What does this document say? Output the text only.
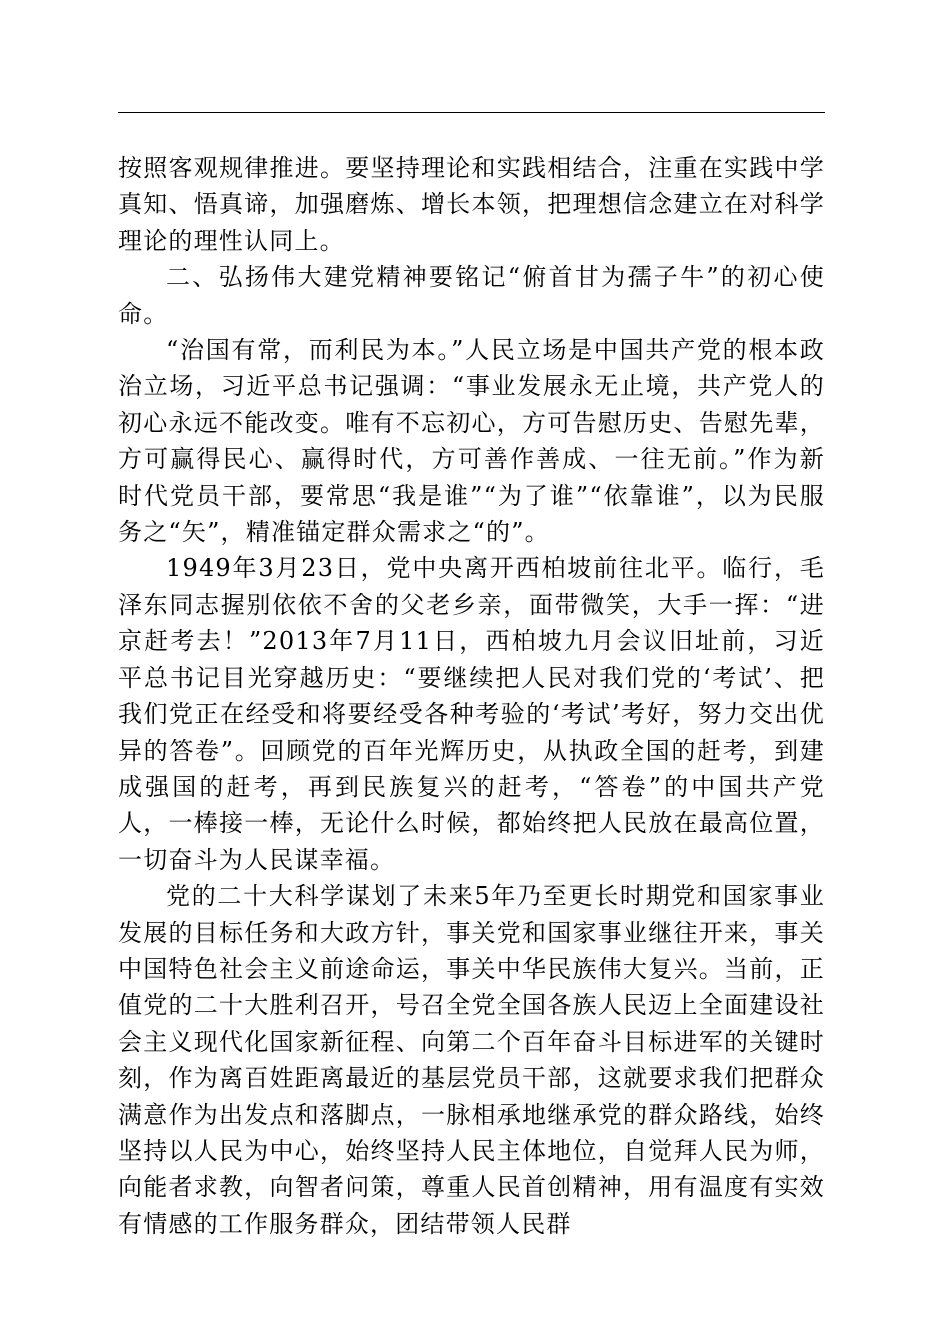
按照客观规律推进。要坚持理论和实践相结合，注重在实践中学真知、悟真谛，加强磨炼、增长本领，把理想信念建立在对科学理论的理性认同上。

二、弘扬伟大建党精神要铭记“俯首甘为孺子牛”的初心使命。

“治国有常，而利民为本。”人民立场是中国共产党的根本政治立场，习近平总书记强调：“事业发展永无止境，共产党人的初心永远不能改变。唯有不忘初心，方可告慰历史、告慰先辈，方可赢得民心、赢得时代，方可善作善成、一往无前。”作为新时代党员干部，要常思“我是谁”“为了谁”“依靠谁”，以为民服务之“矢”，精准锚定群众需求之“的”。

1949年3月23日，党中央离开西柏坡前往北平。临行，毛泽东同志握别依依不舍的父老乡亲，面带微笑，大手一挥：“进京赶考去！”2013年7月11日，西柏坡九月会议旧址前，习近平总书记目光穿越历史：“要继续把人民对我们党的‘考试’、把我们党正在经受和将要经受各种考验的‘考试’考好，努力交出优异的答卷”。回顾党的百年光辉历史，从执政全国的赶考，到建成强国的赶考，再到民族复兴的赶考，“答卷”的中国共产党人，一棒接一棒，无论什么时候，都始终把人民放在最高位置，一切奋斗为人民谋幸福。

党的二十大科学谋划了未来5年乃至更长时期党和国家事业发展的目标任务和大政方针，事关党和国家事业继往开来，事关中国特色社会主义前途命运，事关中华民族伟大复兴。当前，正值党的二十大胜利召开，号召全党全国各族人民迈上全面建设社会主义现代化国家新征程、向第二个百年奋斗目标进军的关键时刻，作为离百姓距离最近的基层党员干部，这就要求我们把群众满意作为出发点和落脚点，一脉相承地继承党的群众路线，始终坚持以人民为中心，始终坚持人民主体地位，自觉拜人民为师，向能者求教，向智者问策，尊重人民首创精神，用有温度有实效有情感的工作服务群众，团结带领人民群
